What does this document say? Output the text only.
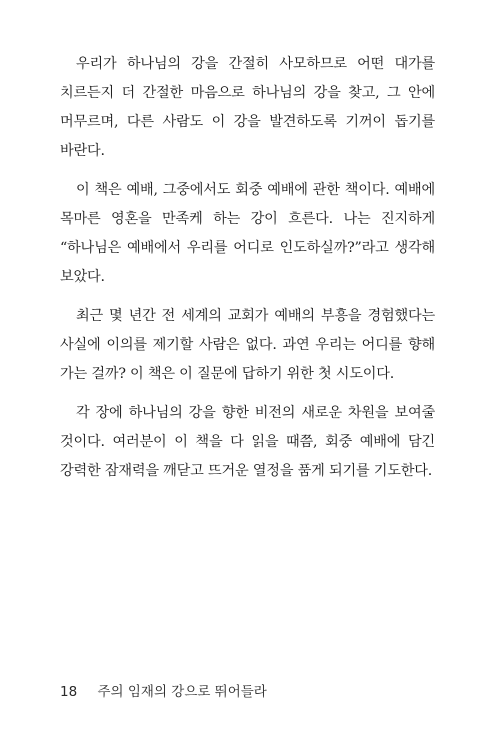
우리가 하나님의 강을 간절히 사모하므로 어떤 대가를 치르든지 더 간절한 마음으로 하나님의 강을 찾고, 그 안에 머무르며, 다른 사람도 이 강을 발견하도록 기꺼이 돕기를 바란다.

이 책은 예배, 그중에서도 회중 예배에 관한 책이다. 예배에 목마른 영혼을 만족케 하는 강이 흐른다. 나는 진지하게 “하나님은 예배에서 우리를 어디로 인도하실까?”라고 생각해 보았다.

최근 몇 년간 전 세계의 교회가 예배의 부흥을 경험했다는 사실에 이의를 제기할 사람은 없다. 과연 우리는 어디를 향해 가는 걸까? 이 책은 이 질문에 답하기 위한 첫 시도이다.

각 장에 하나님의 강을 향한 비전의 새로운 차원을 보여줄 것이다. 여러분이 이 책을 다 읽을 때쯤, 회중 예배에 담긴 강력한 잠재력을 깨닫고 뜨거운 열정을 품게 되기를 기도한다.

18 주의 임재의 강으로 뛰어들라
